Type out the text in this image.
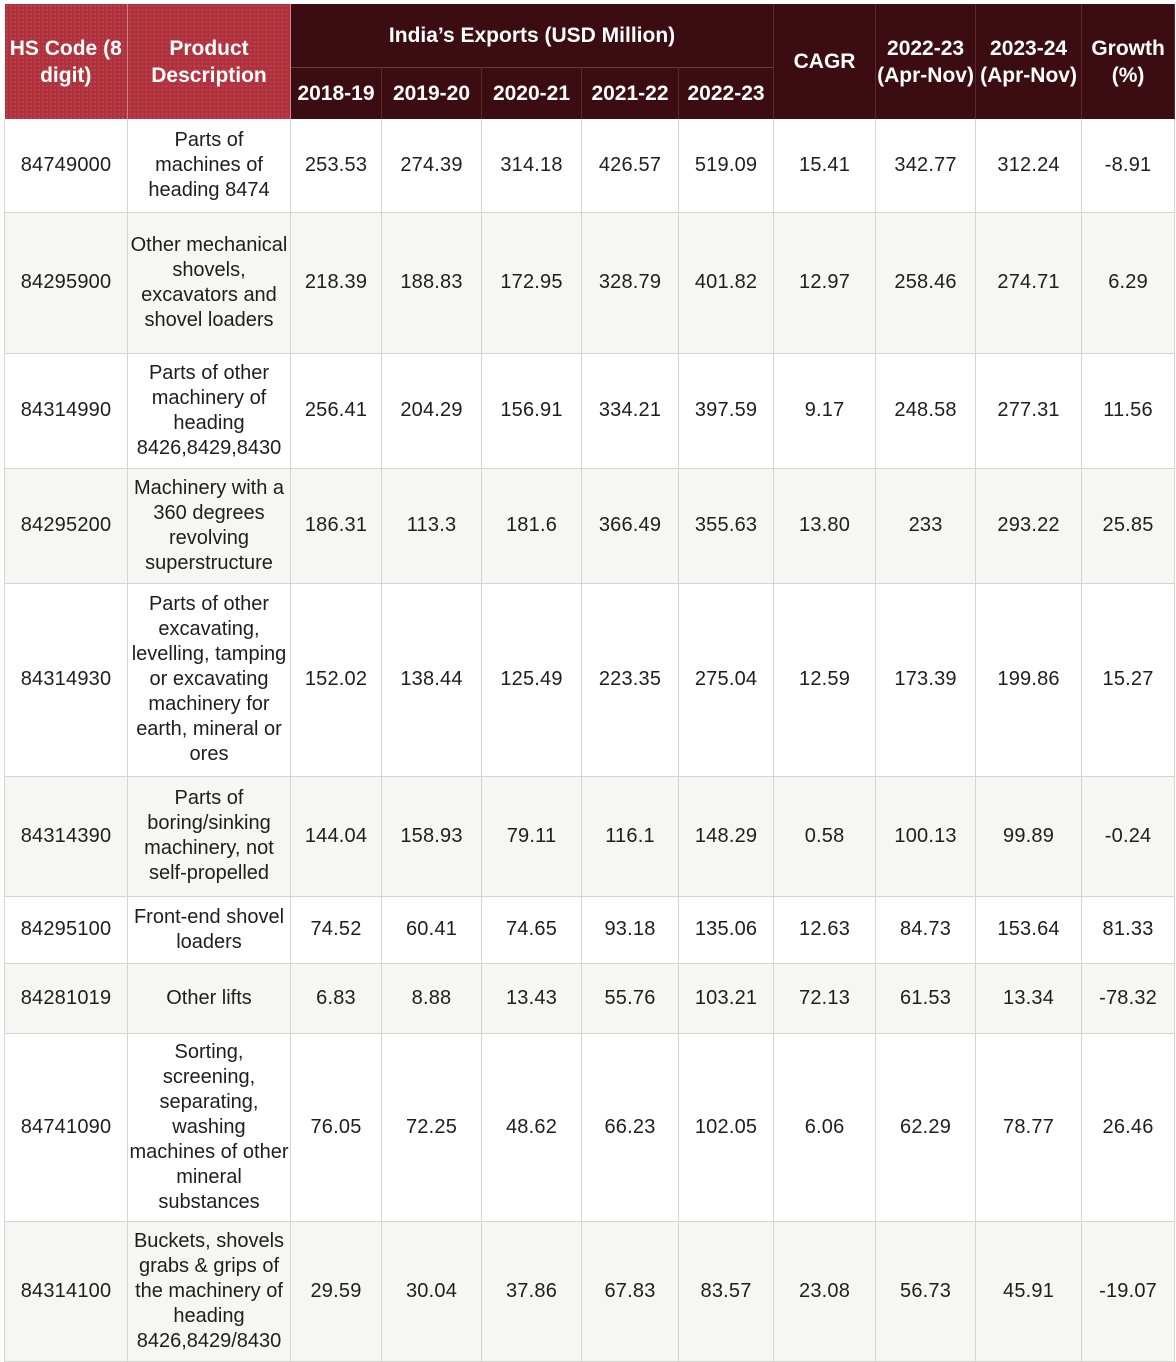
HS Code (8 digit)	Product Description	India’s Exports (USD Million)					CAGR	2022-23 (Apr-Nov)	2023-24 (Apr-Nov)	Growth (%)
		2018-19	2019-20	2020-21	2021-22	2022-23				
84749000	Parts of machines of heading 8474	253.53	274.39	314.18	426.57	519.09	15.41	342.77	312.24	-8.91
84295900	Other mechanical shovels, excavators and shovel loaders	218.39	188.83	172.95	328.79	401.82	12.97	258.46	274.71	6.29
84314990	Parts of other machinery of heading 8426,8429,8430	256.41	204.29	156.91	334.21	397.59	9.17	248.58	277.31	11.56
84295200	Machinery with a 360 degrees revolving superstructure	186.31	113.3	181.6	366.49	355.63	13.80	233	293.22	25.85
84314930	Parts of other excavating, levelling, tamping or excavating machinery for earth, mineral or ores	152.02	138.44	125.49	223.35	275.04	12.59	173.39	199.86	15.27
84314390	Parts of boring/sinking machinery, not self-propelled	144.04	158.93	79.11	116.1	148.29	0.58	100.13	99.89	-0.24
84295100	Front-end shovel loaders	74.52	60.41	74.65	93.18	135.06	12.63	84.73	153.64	81.33
84281019	Other lifts	6.83	8.88	13.43	55.76	103.21	72.13	61.53	13.34	-78.32
84741090	Sorting, screening, separating, washing machines of other mineral substances	76.05	72.25	48.62	66.23	102.05	6.06	62.29	78.77	26.46
84314100	Buckets, shovels grabs & grips of the machinery of heading 8426,8429/8430	29.59	30.04	37.86	67.83	83.57	23.08	56.73	45.91	-19.07
